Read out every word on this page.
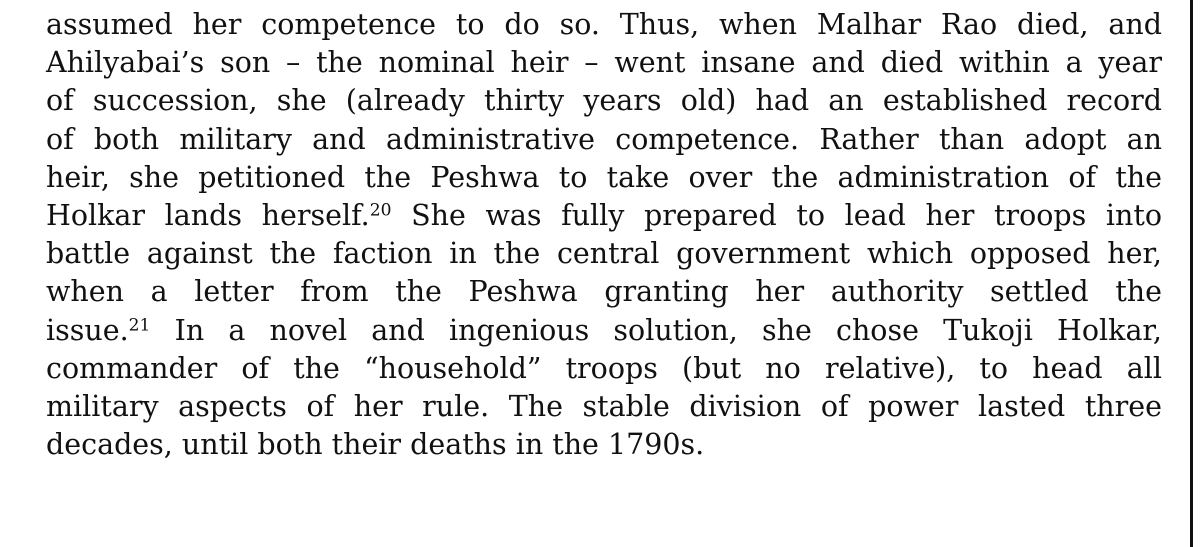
assumed her competence to do so. Thus, when Malhar Rao died, and
Ahilyabai’s son – the nominal heir – went insane and died within a year
of succession, she (already thirty years old) had an established record
of both military and administrative competence. Rather than adopt an
heir, she petitioned the Peshwa to take over the administration of the
Holkar lands herself.$^{20}$ She was fully prepared to lead her troops into
battle against the faction in the central government which opposed her,
when a letter from the Peshwa granting her authority settled the
issue.$^{21}$ In a novel and ingenious solution, she chose Tukoji Holkar,
commander of the “household” troops (but no relative), to head all
military aspects of her rule. The stable division of power lasted three
decades, until both their deaths in the 1790s.
